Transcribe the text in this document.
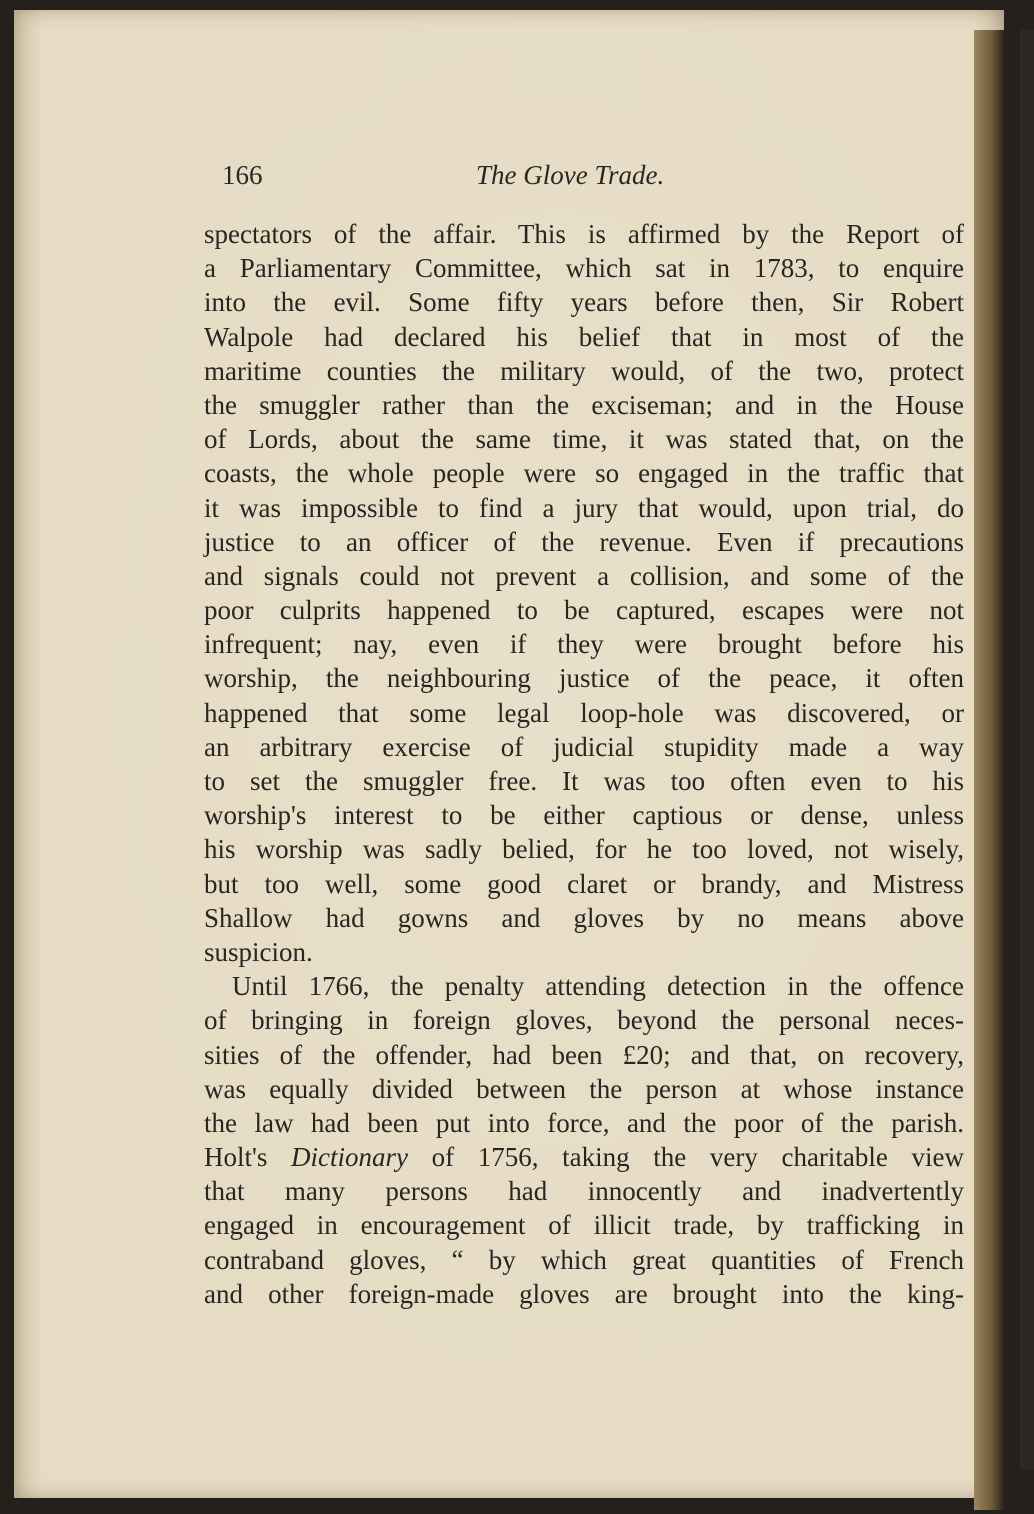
166	The Glove Trade.
spectators of the affair. This is affirmed by the Report of
a Parliamentary Committee, which sat in 1783, to enquire
into the evil. Some fifty years before then, Sir Robert
Walpole had declared his belief that in most of the
maritime counties the military would, of the two, protect
the smuggler rather than the exciseman; and in the House
of Lords, about the same time, it was stated that, on the
coasts, the whole people were so engaged in the traffic that
it was impossible to find a jury that would, upon trial, do
justice to an officer of the revenue. Even if precautions
and signals could not prevent a collision, and some of the
poor culprits happened to be captured, escapes were not
infrequent; nay, even if they were brought before his
worship, the neighbouring justice of the peace, it often
happened that some legal loop-hole was discovered, or
an arbitrary exercise of judicial stupidity made a way
to set the smuggler free. It was too often even to his
worship's interest to be either captious or dense, unless
his worship was sadly belied, for he too loved, not wisely,
but too well, some good claret or brandy, and Mistress
Shallow had gowns and gloves by no means above
suspicion.
Until 1766, the penalty attending detection in the offence
of bringing in foreign gloves, beyond the personal neces-
sities of the offender, had been £20; and that, on recovery,
was equally divided between the person at whose instance
the law had been put into force, and the poor of the parish.
Holt's Dictionary of 1756, taking the very charitable view
that many persons had innocently and inadvertently
engaged in encouragement of illicit trade, by trafficking in
contraband gloves, “ by which great quantities of French
and other foreign-made gloves are brought into the king-
